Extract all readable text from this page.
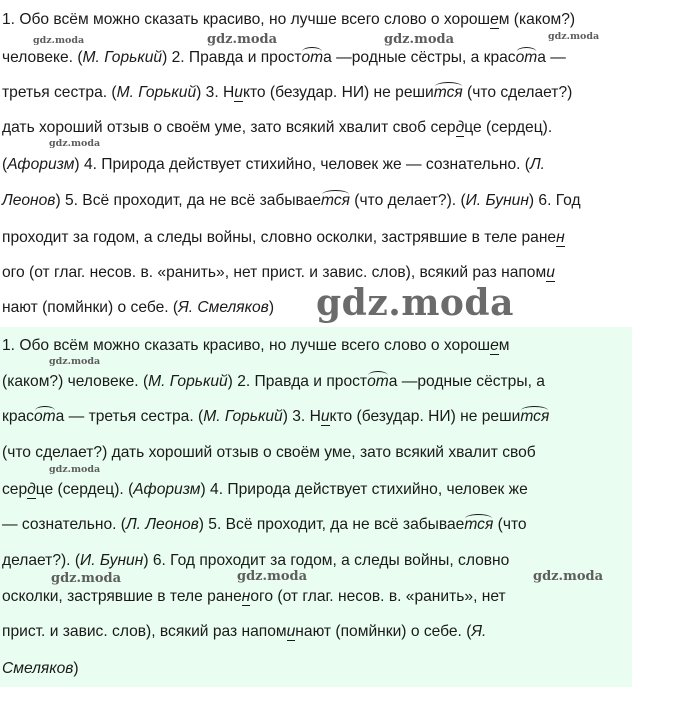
1. Обо всём можно сказать красиво, но лучше всего слово о хорошем (каком?)
человеке. (М. Горький) 2. Правда и простота —родные сёстры, а красота —
третья сестра. (М. Горький) 3. Никто (безудар. НИ) не решится (что сделает?)
дать хороший отзыв о своём уме, зато всякий хвалит своб сердце (сердец).
(Афоризм) 4. Природа действует стихийно, человек же — сознательно. (Л.
Леонов) 5. Всё проходит, да не всё забывается (что делает?). (И. Бунин) 6. Год
проходит за годом, а следы войны, словно осколки, застрявшие в теле ранен
ого (от глаг. несов. в. «ранить», нет прист. и завис. слов), всякий раз напоми
нают (помйнки) о себе. (Я. Смеляков)
1. Обо всём можно сказать красиво, но лучше всего слово о хорошем
(каком?) человеке. (М. Горький) 2. Правда и простота —родные сёстры, а
красота — третья сестра. (М. Горький) 3. Никто (безудар. НИ) не решится
(что сделает?) дать хороший отзыв о своём уме, зато всякий хвалит своб
сердце (сердец). (Афоризм) 4. Природа действует стихийно, человек же
— сознательно. (Л. Леонов) 5. Всё проходит, да не всё забывается (что
делает?). (И. Бунин) 6. Год проходит за годом, а следы войны, словно
осколки, застрявшие в теле раненого (от глаг. несов. в. «ранить», нет
прист. и завис. слов), всякий раз напоминают (помйнки) о себе. (Я.
Смеляков)
gdz.moda	gdz.moda	gdz.moda	gdz.moda
gdz.moda
gdz.moda
gdz.moda
gdz.moda
gdz.moda	gdz.moda	gdz.moda
